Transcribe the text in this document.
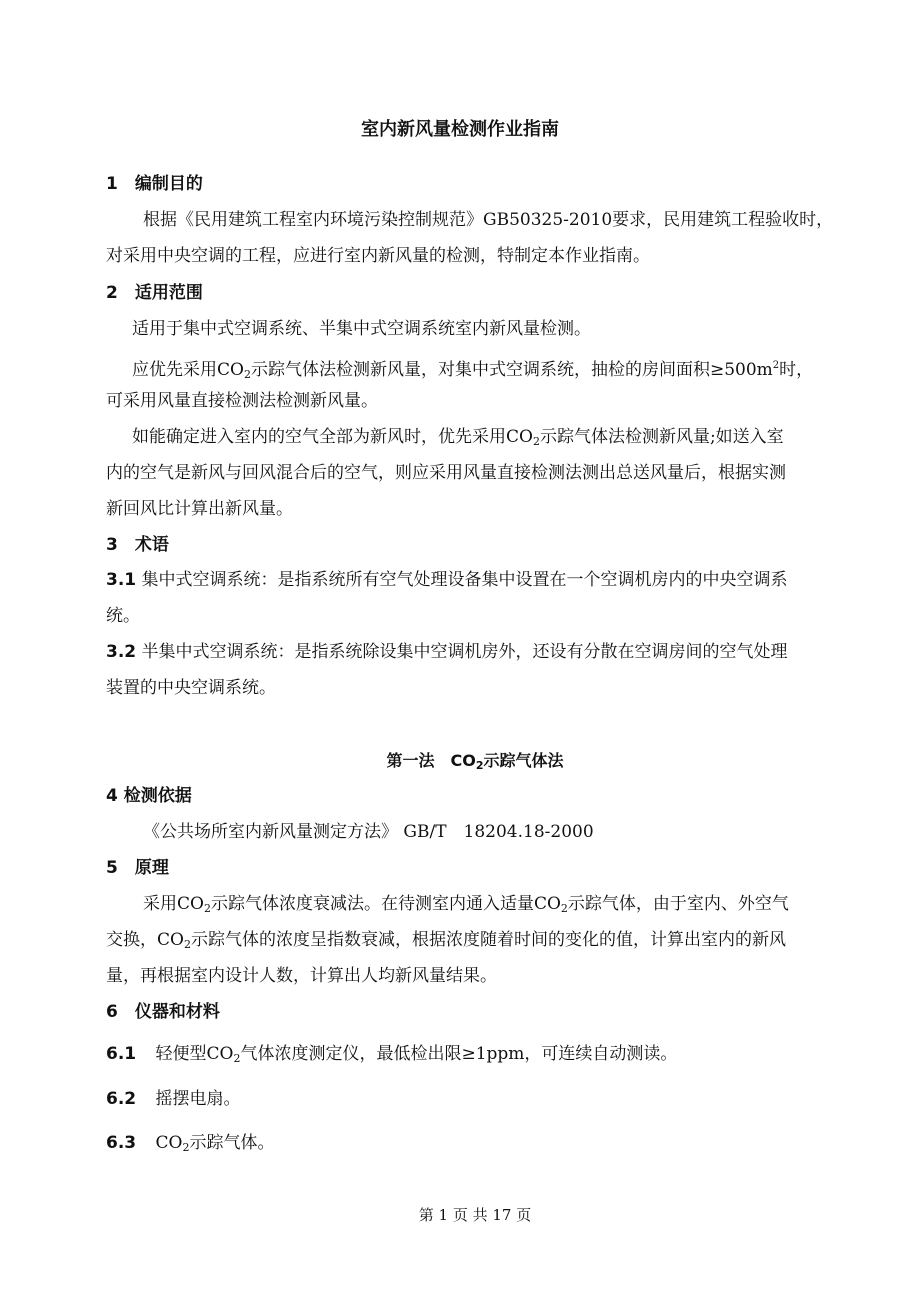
室内新风量检测作业指南
1　编制目的
根据《民用建筑工程室内环境污染控制规范》GB50325-2010要求，民用建筑工程验收时，
对采用中央空调的工程，应进行室内新风量的检测，特制定本作业指南。
2　适用范围
适用于集中式空调系统、半集中式空调系统室内新风量检测。
应优先采用$CO_2$示踪气体法检测新风量，对集中式空调系统，抽检的房间面积$\ge 500m^2$时，
可采用风量直接检测法检测新风量。
如能确定进入室内的空气全部为新风时，优先采用$CO_2$示踪气体法检测新风量;如送入室
内的空气是新风与回风混合后的空气，则应采用风量直接检测法测出总送风量后，根据实测
新回风比计算出新风量。
3　术语
3.1 集中式空调系统：是指系统所有空气处理设备集中设置在一个空调机房内的中央空调系
统。
3.2 半集中式空调系统：是指系统除设集中空调机房外，还设有分散在空调房间的空气处理
装置的中央空调系统。
第一法　$CO_2$示踪气体法
4 检测依据
《公共场所室内新风量测定方法》 GB/T　18204.18-2000
5　原理
采用$CO_2$示踪气体浓度衰减法。在待测室内通入适量$CO_2$示踪气体，由于室内、外空气
交换，$CO_2$示踪气体的浓度呈指数衰减，根据浓度随着时间的变化的值，计算出室内的新风
量，再根据室内设计人数，计算出人均新风量结果。
6　仪器和材料
6.1 轻便型$CO_2$气体浓度测定仪，最低检出限≥1ppm，可连续自动测读。
6.2 摇摆电扇。
6.3 $CO_2$示踪气体。
第 1 页 共 17 页
